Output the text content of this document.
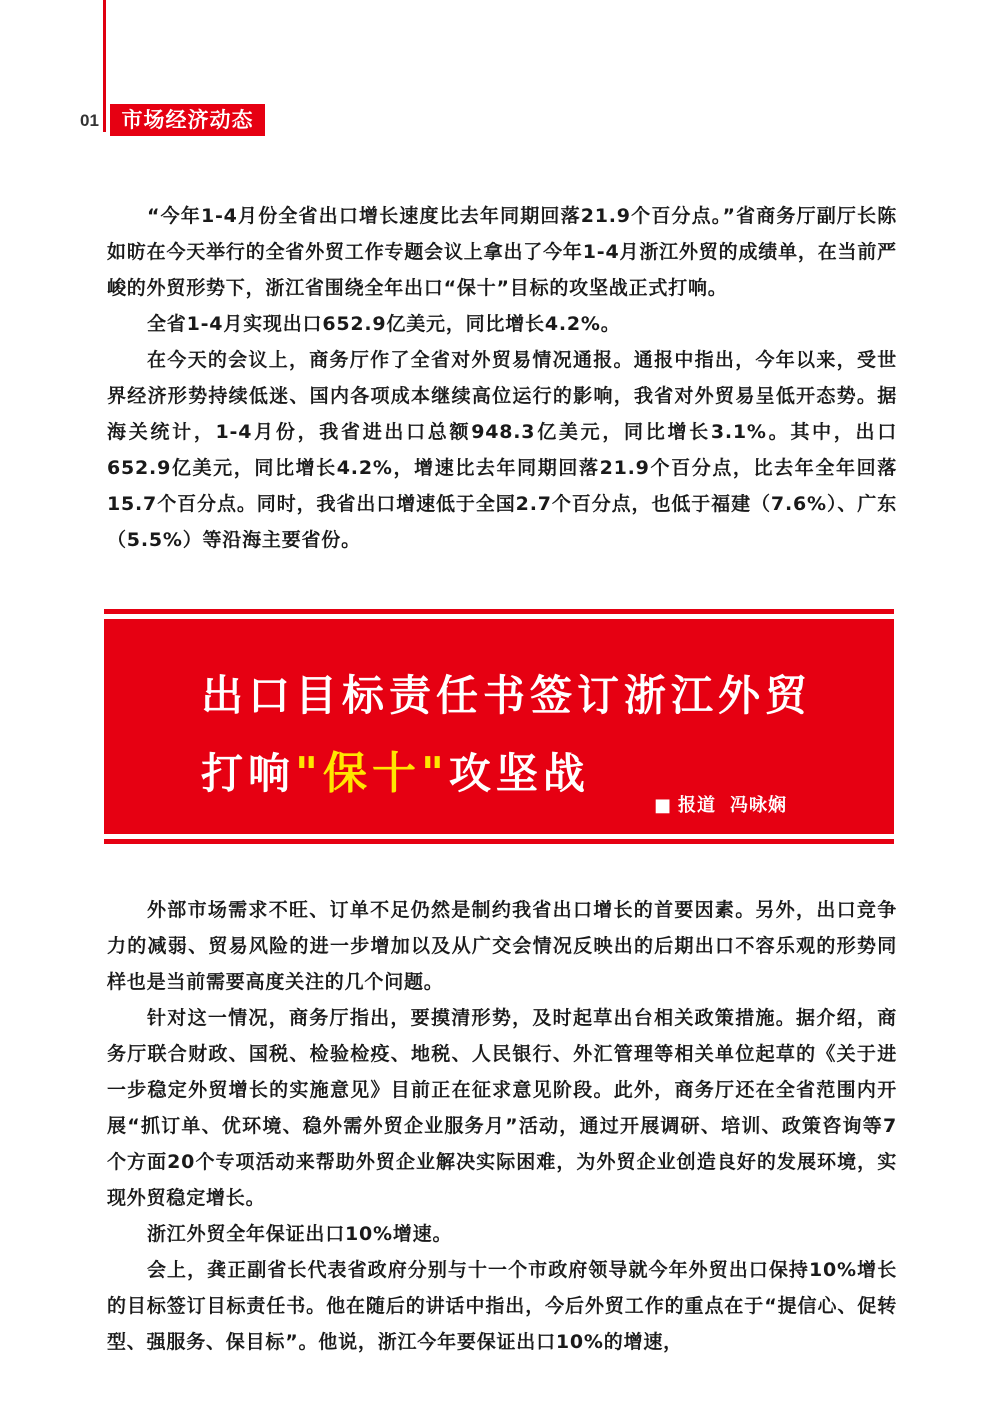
01	市场经济动态

“今年1-4月份全省出口增长速度比去年同期回落21.9个百分点。”省商务厅副厅长陈如昉在今天举行的全省外贸工作专题会议上拿出了今年1-4月浙江外贸的成绩单，在当前严峻的外贸形势下，浙江省围绕全年出口“保十”目标的攻坚战正式打响。

全省1-4月实现出口652.9亿美元，同比增长4.2%。

在今天的会议上，商务厅作了全省对外贸易情况通报。通报中指出，今年以来，受世界经济形势持续低迷、国内各项成本继续高位运行的影响，我省对外贸易呈低开态势。据海关统计，1-4月份，我省进出口总额948.3亿美元，同比增长3.1%。其中，出口652.9亿美元，同比增长4.2%，增速比去年同期回落21.9个百分点，比去年全年回落15.7个百分点。同时，我省出口增速低于全国2.7个百分点，也低于福建（7.6%）、广东（5.5%）等沿海主要省份。

出口目标责任书签订浙江外贸
打响"保十"攻坚战
■ 报道 冯咏娴

外部市场需求不旺、订单不足仍然是制约我省出口增长的首要因素。另外，出口竞争力的减弱、贸易风险的进一步增加以及从广交会情况反映出的后期出口不容乐观的形势同样也是当前需要高度关注的几个问题。

针对这一情况，商务厅指出，要摸清形势，及时起草出台相关政策措施。据介绍，商务厅联合财政、国税、检验检疫、地税、人民银行、外汇管理等相关单位起草的《关于进一步稳定外贸增长的实施意见》目前正在征求意见阶段。此外，商务厅还在全省范围内开展“抓订单、优环境、稳外需外贸企业服务月”活动，通过开展调研、培训、政策咨询等7个方面20个专项活动来帮助外贸企业解决实际困难，为外贸企业创造良好的发展环境，实现外贸稳定增长。

浙江外贸全年保证出口10%增速。

会上，龚正副省长代表省政府分别与十一个市政府领导就今年外贸出口保持10%增长的目标签订目标责任书。他在随后的讲话中指出，今后外贸工作的重点在于“提信心、促转型、强服务、保目标”。他说，浙江今年要保证出口10%的增速，
